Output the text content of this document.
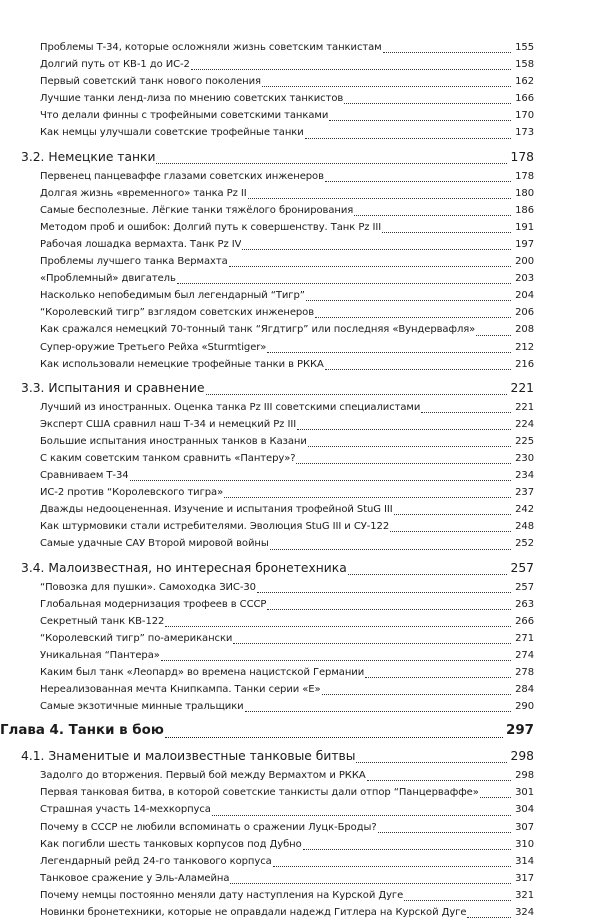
Проблемы Т-34, которые осложняли жизнь советским танкистам	155
Долгий путь от КВ-1 до ИС-2	158
Первый советский танк нового поколения	162
Лучшие танки ленд-лиза по мнению советских танкистов	166
Что делали финны с трофейными советскими танками	170
Как немцы улучшали советские трофейные танки	173
3.2. Немецкие танки	178
Первенец панцеваффе глазами советских инженеров	178
Долгая жизнь «временного» танка Pz II	180
Самые бесполезные. Лёгкие танки тяжёлого бронирования	186
Методом проб и ошибок: Долгий путь к совершенству. Танк Pz III	191
Рабочая лошадка вермахта. Танк Pz IV	197
Проблемы лучшего танка Вермахта	200
«Проблемный» двигатель	203
Насколько непобедимым был легендарный “Тигр”	204
“Королевский тигр” взглядом советских инженеров	206
Как сражался немецкий 70-тонный танк “Ягдтигр” или последняя «Вундервафля»	208
Супер-оружие Третьего Рейха «Sturmtiger»	212
Как использовали немецкие трофейные танки в РККА	216
3.3. Испытания и сравнение	221
Лучший из иностранных. Оценка танка Pz III советскими специалистами	221
Эксперт США сравнил наш Т-34 и немецкий Pz III	224
Большие испытания иностранных танков в Казани	225
С каким советским танком сравнить «Пантеру»?	230
Сравниваем Т-34	234
ИС-2 против “Королевского тигра»	237
Дважды недооцененная. Изучение и испытания трофейной StuG III	242
Как штурмовики стали истребителями. Эволюция StuG III и СУ-122	248
Самые удачные САУ Второй мировой войны	252
3.4. Малоизвестная, но интересная бронетехника	257
“Повозка для пушки». Самоходка ЗИС-30	257
Глобальная модернизация трофеев в СССР	263
Секретный танк КВ-122	266
“Королевский тигр” по-американски	271
Уникальная “Пантера»	274
Каким был танк «Леопард» во времена нацистской Германии	278
Нереализованная мечта Книпкампа. Танки серии «Е»	284
Самые экзотичные минные тральщики	290
Глава 4. Танки в бою	297
4.1. Знаменитые и малоизвестные танковые битвы	298
Задолго до вторжения. Первый бой между Вермахтом и РККА	298
Первая танковая битва, в которой советские танкисты дали отпор “Панцерваффе»	301
Страшная участь 14-мехкорпуса	304
Почему в СССР не любили вспоминать о сражении Луцк-Броды?	307
Как погибли шесть танковых корпусов под Дубно	310
Легендарный рейд 24-го танкового корпуса	314
Танковое сражение у Эль-Аламейна	317
Почему немцы постоянно меняли дату наступления на Курской Дуге	321
Новинки бронетехники, которые не оправдали надежд Гитлера на Курской Дуге	324
